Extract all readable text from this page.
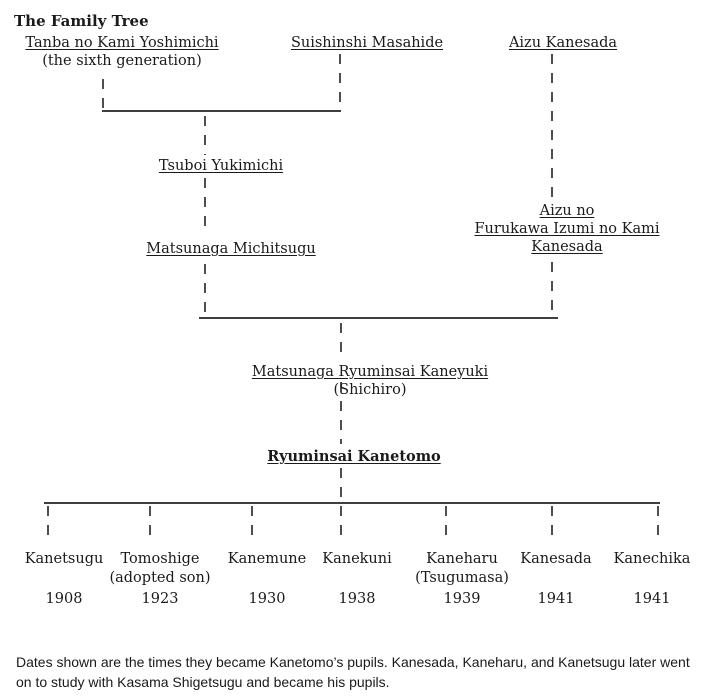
The Family Tree
Tanba no Kami Yoshimichi
(the sixth generation)
Suishinshi Masahide	Aizu Kanesada
Tsuboi Yukimichi
Matsunaga Michitsugu
Aizu no
Furukawa Izumi no Kami
Kanesada
Matsunaga Ryuminsai Kaneyuki
(Shichiro)
Ryuminsai Kanetomo
Kanetsugu

1908
Tomoshige
(adopted son)

1923
Kanemune

1930
Kanekuni

1938
Kaneharu
(Tsugumasa)

1939
Kanesada

1941
Kanechika

1941
Dates shown are the times they became Kanetomo’s pupils. Kanesada, Kaneharu, and Kanetsugu later went on to study with Kasama Shigetsugu and became his pupils.
